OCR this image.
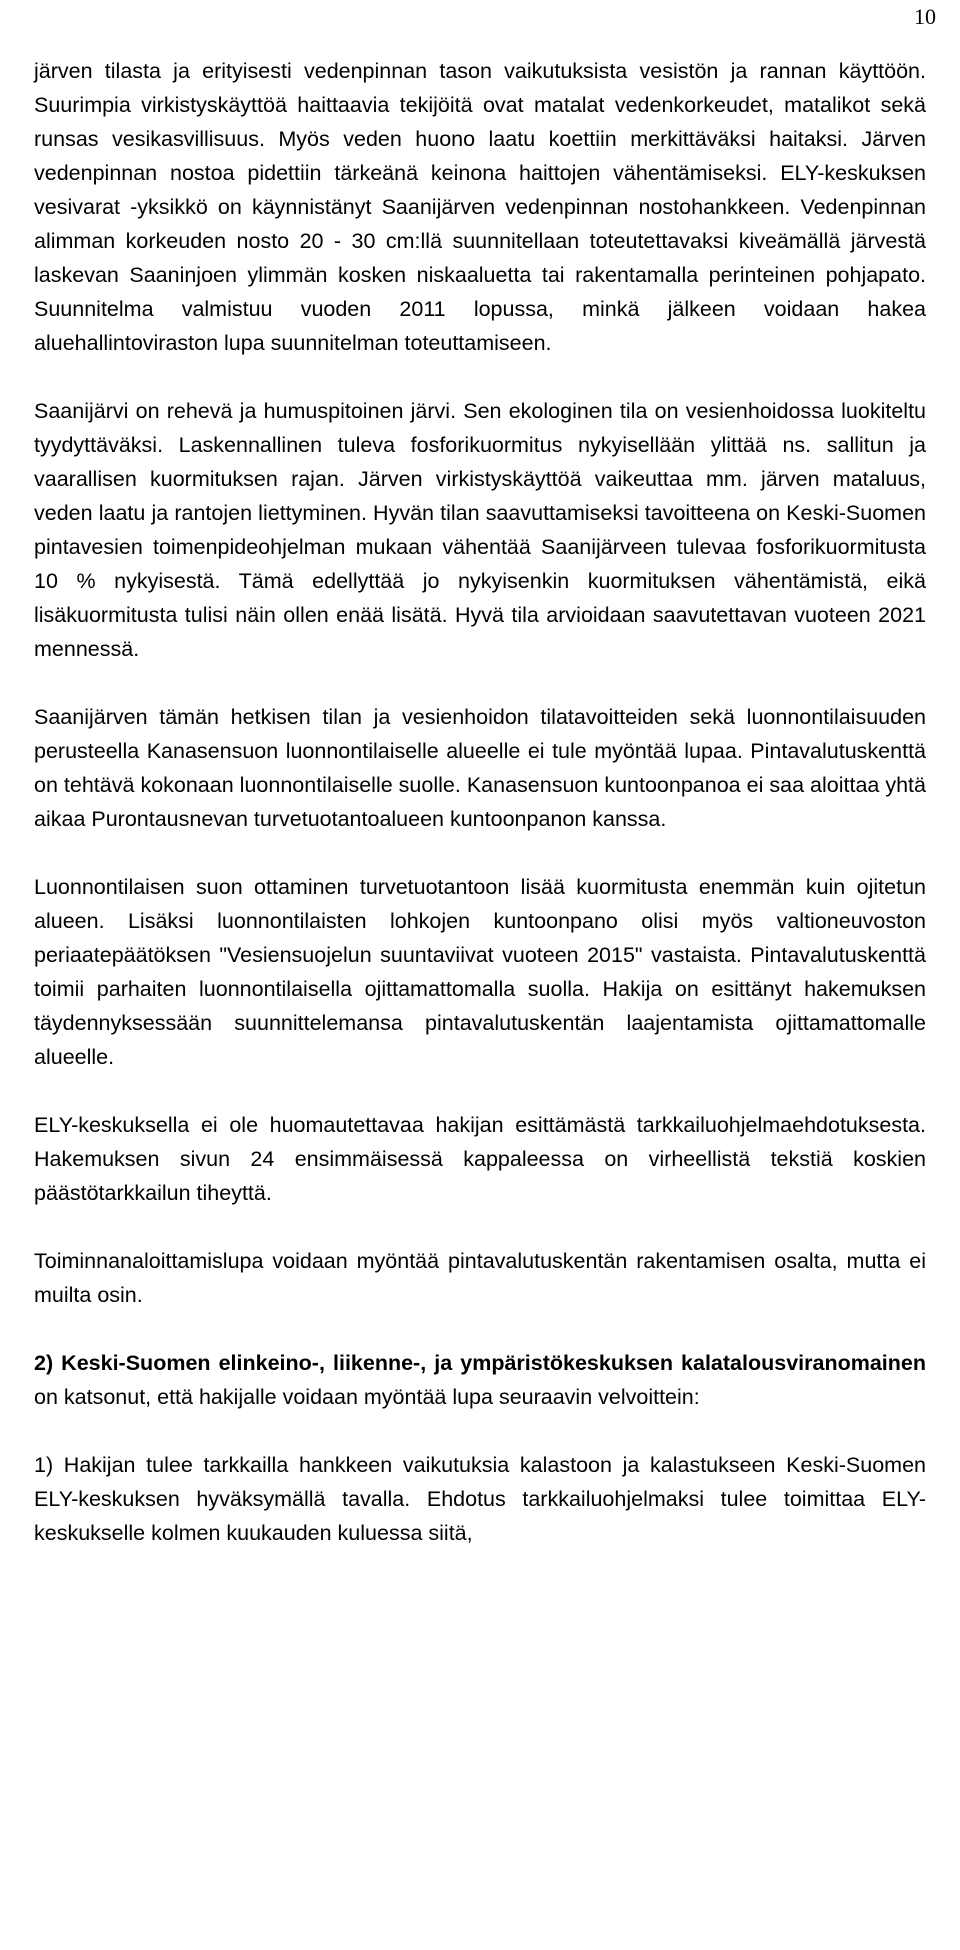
10

järven tilasta ja erityisesti vedenpinnan tason vaikutuksista vesistön ja rannan käyttöön. Suurimpia virkistyskäyttöä haittaavia tekijöitä ovat matalat vedenkorkeudet, matalikot sekä runsas vesikasvillisuus. Myös veden huono laatu koettiin merkittäväksi haitaksi. Järven vedenpinnan nostoa pidettiin tärkeänä keinona haittojen vähentämiseksi. ELY-keskuksen vesivarat -yksikkö on käynnistänyt Saanijärven vedenpinnan nostohankkeen. Vedenpinnan alimman korkeuden nosto 20 - 30 cm:llä suunnitellaan toteutettavaksi kiveämällä järvestä laskevan Saaninjoen ylimmän kosken niskaaluetta tai rakentamalla perinteinen pohjapato. Suunnitelma valmistuu vuoden 2011 lopussa, minkä jälkeen voidaan hakea aluehallintoviraston lupa suunnitelman toteuttamiseen.

Saanijärvi on rehevä ja humuspitoinen järvi. Sen ekologinen tila on vesienhoidossa luokiteltu tyydyttäväksi. Laskennallinen tuleva fosforikuormitus nykyisellään ylittää ns. sallitun ja vaarallisen kuormituksen rajan. Järven virkistyskäyttöä vaikeuttaa mm. järven mataluus, veden laatu ja rantojen liettyminen. Hyvän tilan saavuttamiseksi tavoitteena on Keski-Suomen pintavesien toimenpideohjelman mukaan vähentää Saanijärveen tulevaa fosforikuormitusta 10 % nykyisestä. Tämä edellyttää jo nykyisenkin kuormituksen vähentämistä, eikä lisäkuormitusta tulisi näin ollen enää lisätä. Hyvä tila arvioidaan saavutettavan vuoteen 2021 mennessä.

Saanijärven tämän hetkisen tilan ja vesienhoidon tilatavoitteiden sekä luonnontilaisuuden perusteella Kanasensuon luonnontilaiselle alueelle ei tule myöntää lupaa. Pintavalutuskenttä on tehtävä kokonaan luonnontilaiselle suolle. Kanasensuon kuntoonpanoa ei saa aloittaa yhtä aikaa Purontausnevan turvetuotantoalueen kuntoonpanon kanssa.

Luonnontilaisen suon ottaminen turvetuotantoon lisää kuormitusta enemmän kuin ojitetun alueen. Lisäksi luonnontilaisten lohkojen kuntoonpano olisi myös valtioneuvoston periaatepäätöksen "Vesiensuojelun suuntaviivat vuoteen 2015" vastaista. Pintavalutuskenttä toimii parhaiten luonnontilaisella ojittamattomalla suolla. Hakija on esittänyt hakemuksen täydennyksessään suunnittelemansa pintavalutuskentän laajentamista ojittamattomalle alueelle.

ELY-keskuksella ei ole huomautettavaa hakijan esittämästä tarkkailuohjelmaehdotuksesta. Hakemuksen sivun 24 ensimmäisessä kappaleessa on virheellistä tekstiä koskien päästötarkkailun tiheyttä.

Toiminnanaloittamislupa voidaan myöntää pintavalutuskentän rakentamisen osalta, mutta ei muilta osin.

2) Keski-Suomen elinkeino-, liikenne-, ja ympäristökeskuksen kalatalousviranomainen on katsonut, että hakijalle voidaan myöntää lupa seuraavin velvoittein:

1) Hakijan tulee tarkkailla hankkeen vaikutuksia kalastoon ja kalastukseen Keski-Suomen ELY-keskuksen hyväksymällä tavalla. Ehdotus tarkkailuohjelmaksi tulee toimittaa ELY-keskukselle kolmen kuukauden kuluessa siitä,
